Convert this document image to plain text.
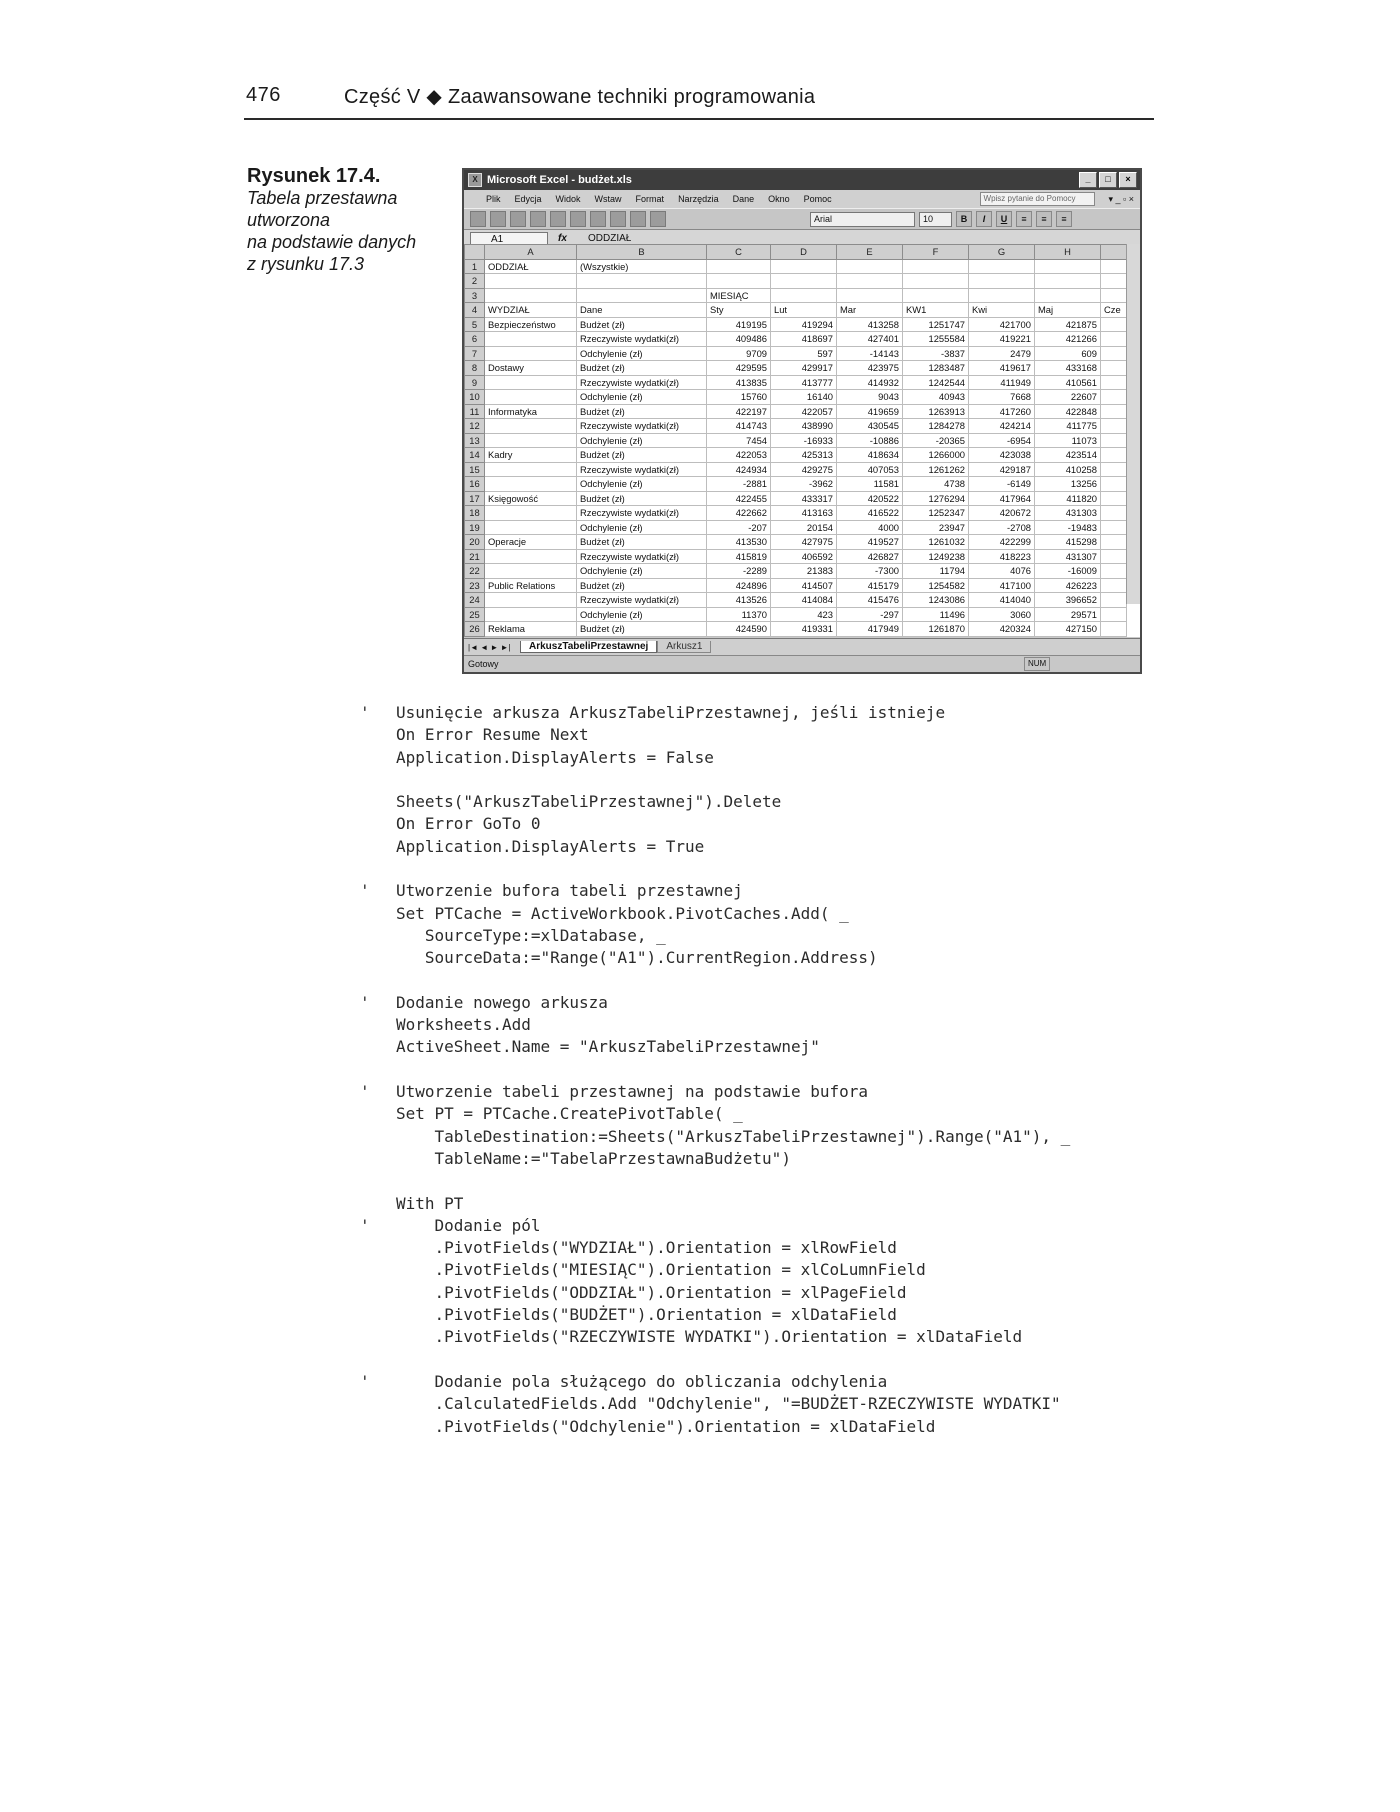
476	Część V ◆ Zaawansowane techniki programowania
Rysunek 17.4.
Tabela przestawna
utworzona
na podstawie danych
z rysunku 17.3
X Microsoft Excel - budżet.xls	_	□	×
Plik Edycja Widok Wstaw Format Narzędzia Dane Okno Pomoc	Wpisz pytanie do Pomocy	▾ _ ▫ ×
Arial	10	B	I	U	≡	≡	≡
A1	fx	ODDZIAŁ
	A	B	C	D	E	F	G	H	
1	ODDZIAŁ	(Wszystkie)							
2									
3			MIESIĄC						
4	WYDZIAŁ	Dane	Sty	Lut	Mar	KW1	Kwi	Maj	Cze
5	Bezpieczeństwo	Budżet (zł)	419195	419294	413258	1251747	421700	421875	
6		Rzeczywiste wydatki(zł)	409486	418697	427401	1255584	419221	421266	
7		Odchylenie (zł)	9709	597	-14143	-3837	2479	609	
8	Dostawy	Budżet (zł)	429595	429917	423975	1283487	419617	433168	
9		Rzeczywiste wydatki(zł)	413835	413777	414932	1242544	411949	410561	
10		Odchylenie (zł)	15760	16140	9043	40943	7668	22607	
11	Informatyka	Budżet (zł)	422197	422057	419659	1263913	417260	422848	
12		Rzeczywiste wydatki(zł)	414743	438990	430545	1284278	424214	411775	
13		Odchylenie (zł)	7454	-16933	-10886	-20365	-6954	11073	
14	Kadry	Budżet (zł)	422053	425313	418634	1266000	423038	423514	
15		Rzeczywiste wydatki(zł)	424934	429275	407053	1261262	429187	410258	
16		Odchylenie (zł)	-2881	-3962	11581	4738	-6149	13256	
17	Księgowość	Budżet (zł)	422455	433317	420522	1276294	417964	411820	
18		Rzeczywiste wydatki(zł)	422662	413163	416522	1252347	420672	431303	
19		Odchylenie (zł)	-207	20154	4000	23947	-2708	-19483	
20	Operacje	Budżet (zł)	413530	427975	419527	1261032	422299	415298	
21		Rzeczywiste wydatki(zł)	415819	406592	426827	1249238	418223	431307	
22		Odchylenie (zł)	-2289	21383	-7300	11794	4076	-16009	
23	Public Relations	Budżet (zł)	424896	414507	415179	1254582	417100	426223	
24		Rzeczywiste wydatki(zł)	413526	414084	415476	1243086	414040	396652	
25		Odchylenie (zł)	11370	423	-297	11496	3060	29571	
26	Reklama	Budżet (zł)	424590	419331	417949	1261870	420324	427150	
|◄ ◄ ► ►|	ArkuszTabeliPrzestawnej	Arkusz1
Gotowy	NUM
'	Usunięcie arkusza ArkuszTabeliPrzestawnej, jeśli istnieje
On Error Resume Next
Application.DisplayAlerts = False
Sheets("ArkuszTabeliPrzestawnej").Delete
On Error GoTo 0
Application.DisplayAlerts = True
'	Utworzenie bufora tabeli przestawnej
Set PTCache = ActiveWorkbook.PivotCaches.Add( _
SourceType:=xlDatabase, _
SourceData:="Range("A1").CurrentRegion.Address)
'	Dodanie nowego arkusza
Worksheets.Add
ActiveSheet.Name = "ArkuszTabeliPrzestawnej"
'	Utworzenie tabeli przestawnej na podstawie bufora
Set PT = PTCache.CreatePivotTable( _
TableDestination:=Sheets("ArkuszTabeliPrzestawnej").Range("A1"), _
TableName:="TabelaPrzestawnaBudżetu")
With PT
'	Dodanie pól
.PivotFields("WYDZIAŁ").Orientation = xlRowField
.PivotFields("MIESIĄC").Orientation = xlCoLumnField
.PivotFields("ODDZIAŁ").Orientation = xlPageField
.PivotFields("BUDŻET").Orientation = xlDataField
.PivotFields("RZECZYWISTE WYDATKI").Orientation = xlDataField
'	Dodanie pola służącego do obliczania odchylenia
.CalculatedFields.Add "Odchylenie", "=BUDŻET-RZECZYWISTE WYDATKI"
.PivotFields("Odchylenie").Orientation = xlDataField
